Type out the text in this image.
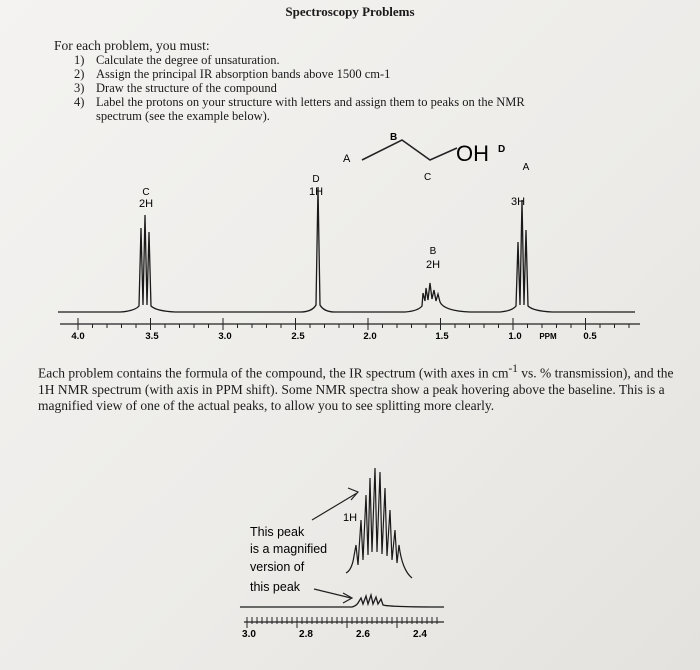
Spectroscopy Problems
For each problem, you must:
1) Calculate the degree of unsaturation.
2) Assign the principal IR absorption bands above 1500 cm-1
3) Draw the structure of the compound
4) Label the protons on your structure with letters and assign them to peaks on the NMR
spectrum (see the example below).
B
A
C
OH D
C
2H
D
1H
B
2H
A
3H
4.0	3.5	3.0	2.5	2.0	1.5	1.0 PPM	0.5
1H
This peak
is a magnified
version of
this peak
3.0	2.8	2.6	2.4
Each problem contains the formula of the compound, the IR spectrum (with axes in $cm^{-1}$ vs. % transmission), and the 1H NMR spectrum (with axis in PPM shift). Some NMR spectra show a peak hovering above the baseline. This is a magnified view of one of the actual peaks, to allow you to see splitting more clearly.
